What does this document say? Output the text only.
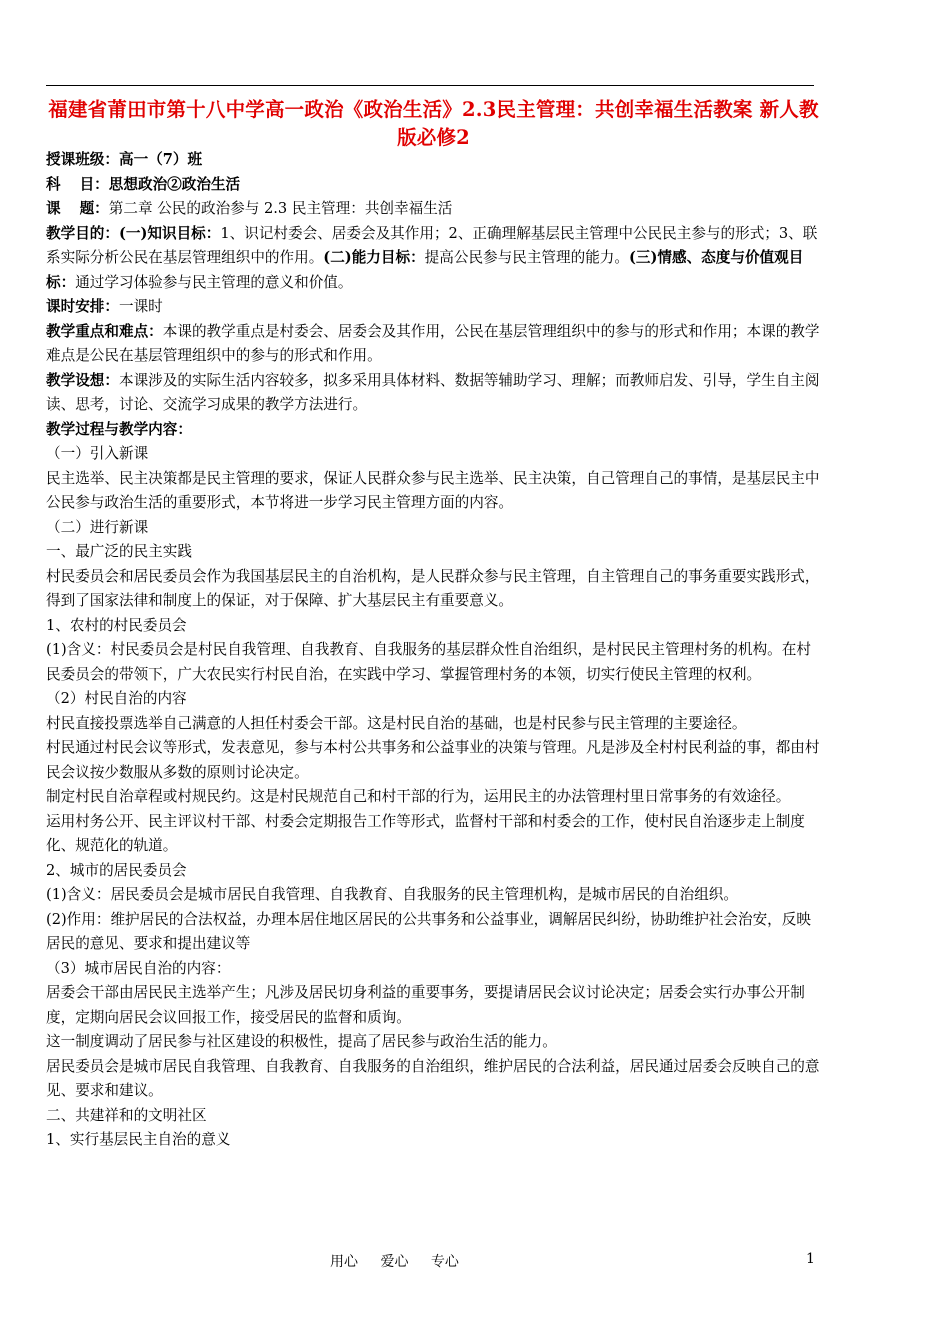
福建省莆田市第十八中学高一政治《政治生活》2.3民主管理：共创幸福生活教案 新人教版必修2

授课班级：高一（7）班

科 目：思想政治②政治生活

课 题：第二章 公民的政治参与 2.3 民主管理：共创幸福生活

教学目的：(一)知识目标：1、识记村委会、居委会及其作用；2、正确理解基层民主管理中公民民主参与的形式；3、联系实际分析公民在基层管理组织中的作用。(二)能力目标：提高公民参与民主管理的能力。(三)情感、态度与价值观目标：通过学习体验参与民主管理的意义和价值。

课时安排：一课时

教学重点和难点：本课的教学重点是村委会、居委会及其作用，公民在基层管理组织中的参与的形式和作用；本课的教学难点是公民在基层管理组织中的参与的形式和作用。

教学设想：本课涉及的实际生活内容较多，拟多采用具体材料、数据等辅助学习、理解；而教师启发、引导，学生自主阅读、思考，讨论、交流学习成果的教学方法进行。

教学过程与教学内容：

（一）引入新课

民主选举、民主决策都是民主管理的要求，保证人民群众参与民主选举、民主决策，自己管理自己的事情，是基层民主中公民参与政治生活的重要形式，本节将进一步学习民主管理方面的内容。

（二）进行新课

一、最广泛的民主实践

村民委员会和居民委员会作为我国基层民主的自治机构，是人民群众参与民主管理，自主管理自己的事务重要实践形式，得到了国家法律和制度上的保证，对于保障、扩大基层民主有重要意义。

1、农村的村民委员会

(1)含义：村民委员会是村民自我管理、自我教育、自我服务的基层群众性自治组织，是村民民主管理村务的机构。在村民委员会的带领下，广大农民实行村民自治，在实践中学习、掌握管理村务的本领，切实行使民主管理的权利。

（2）村民自治的内容

村民直接投票选举自己满意的人担任村委会干部。这是村民自治的基础，也是村民参与民主管理的主要途径。

村民通过村民会议等形式，发表意见，参与本村公共事务和公益事业的决策与管理。凡是涉及全村村民利益的事，都由村民会议按少数服从多数的原则讨论决定。

制定村民自治章程或村规民约。这是村民规范自己和村干部的行为，运用民主的办法管理村里日常事务的有效途径。

运用村务公开、民主评议村干部、村委会定期报告工作等形式，监督村干部和村委会的工作，使村民自治逐步走上制度化、规范化的轨道。

2、城市的居民委员会

(1)含义：居民委员会是城市居民自我管理、自我教育、自我服务的民主管理机构，是城市居民的自治组织。

(2)作用：维护居民的合法权益，办理本居住地区居民的公共事务和公益事业，调解居民纠纷，协助维护社会治安，反映居民的意见、要求和提出建议等

（3）城市居民自治的内容：

居委会干部由居民民主选举产生；凡涉及居民切身利益的重要事务，要提请居民会议讨论决定；居委会实行办事公开制度，定期向居民会议回报工作，接受居民的监督和质询。

这一制度调动了居民参与社区建设的积极性，提高了居民参与政治生活的能力。

居民委员会是城市居民自我管理、自我教育、自我服务的自治组织，维护居民的合法利益，居民通过居委会反映自己的意见、要求和建议。

二、共建祥和的文明社区

1、实行基层民主自治的意义

用心 爱心 专心	1
